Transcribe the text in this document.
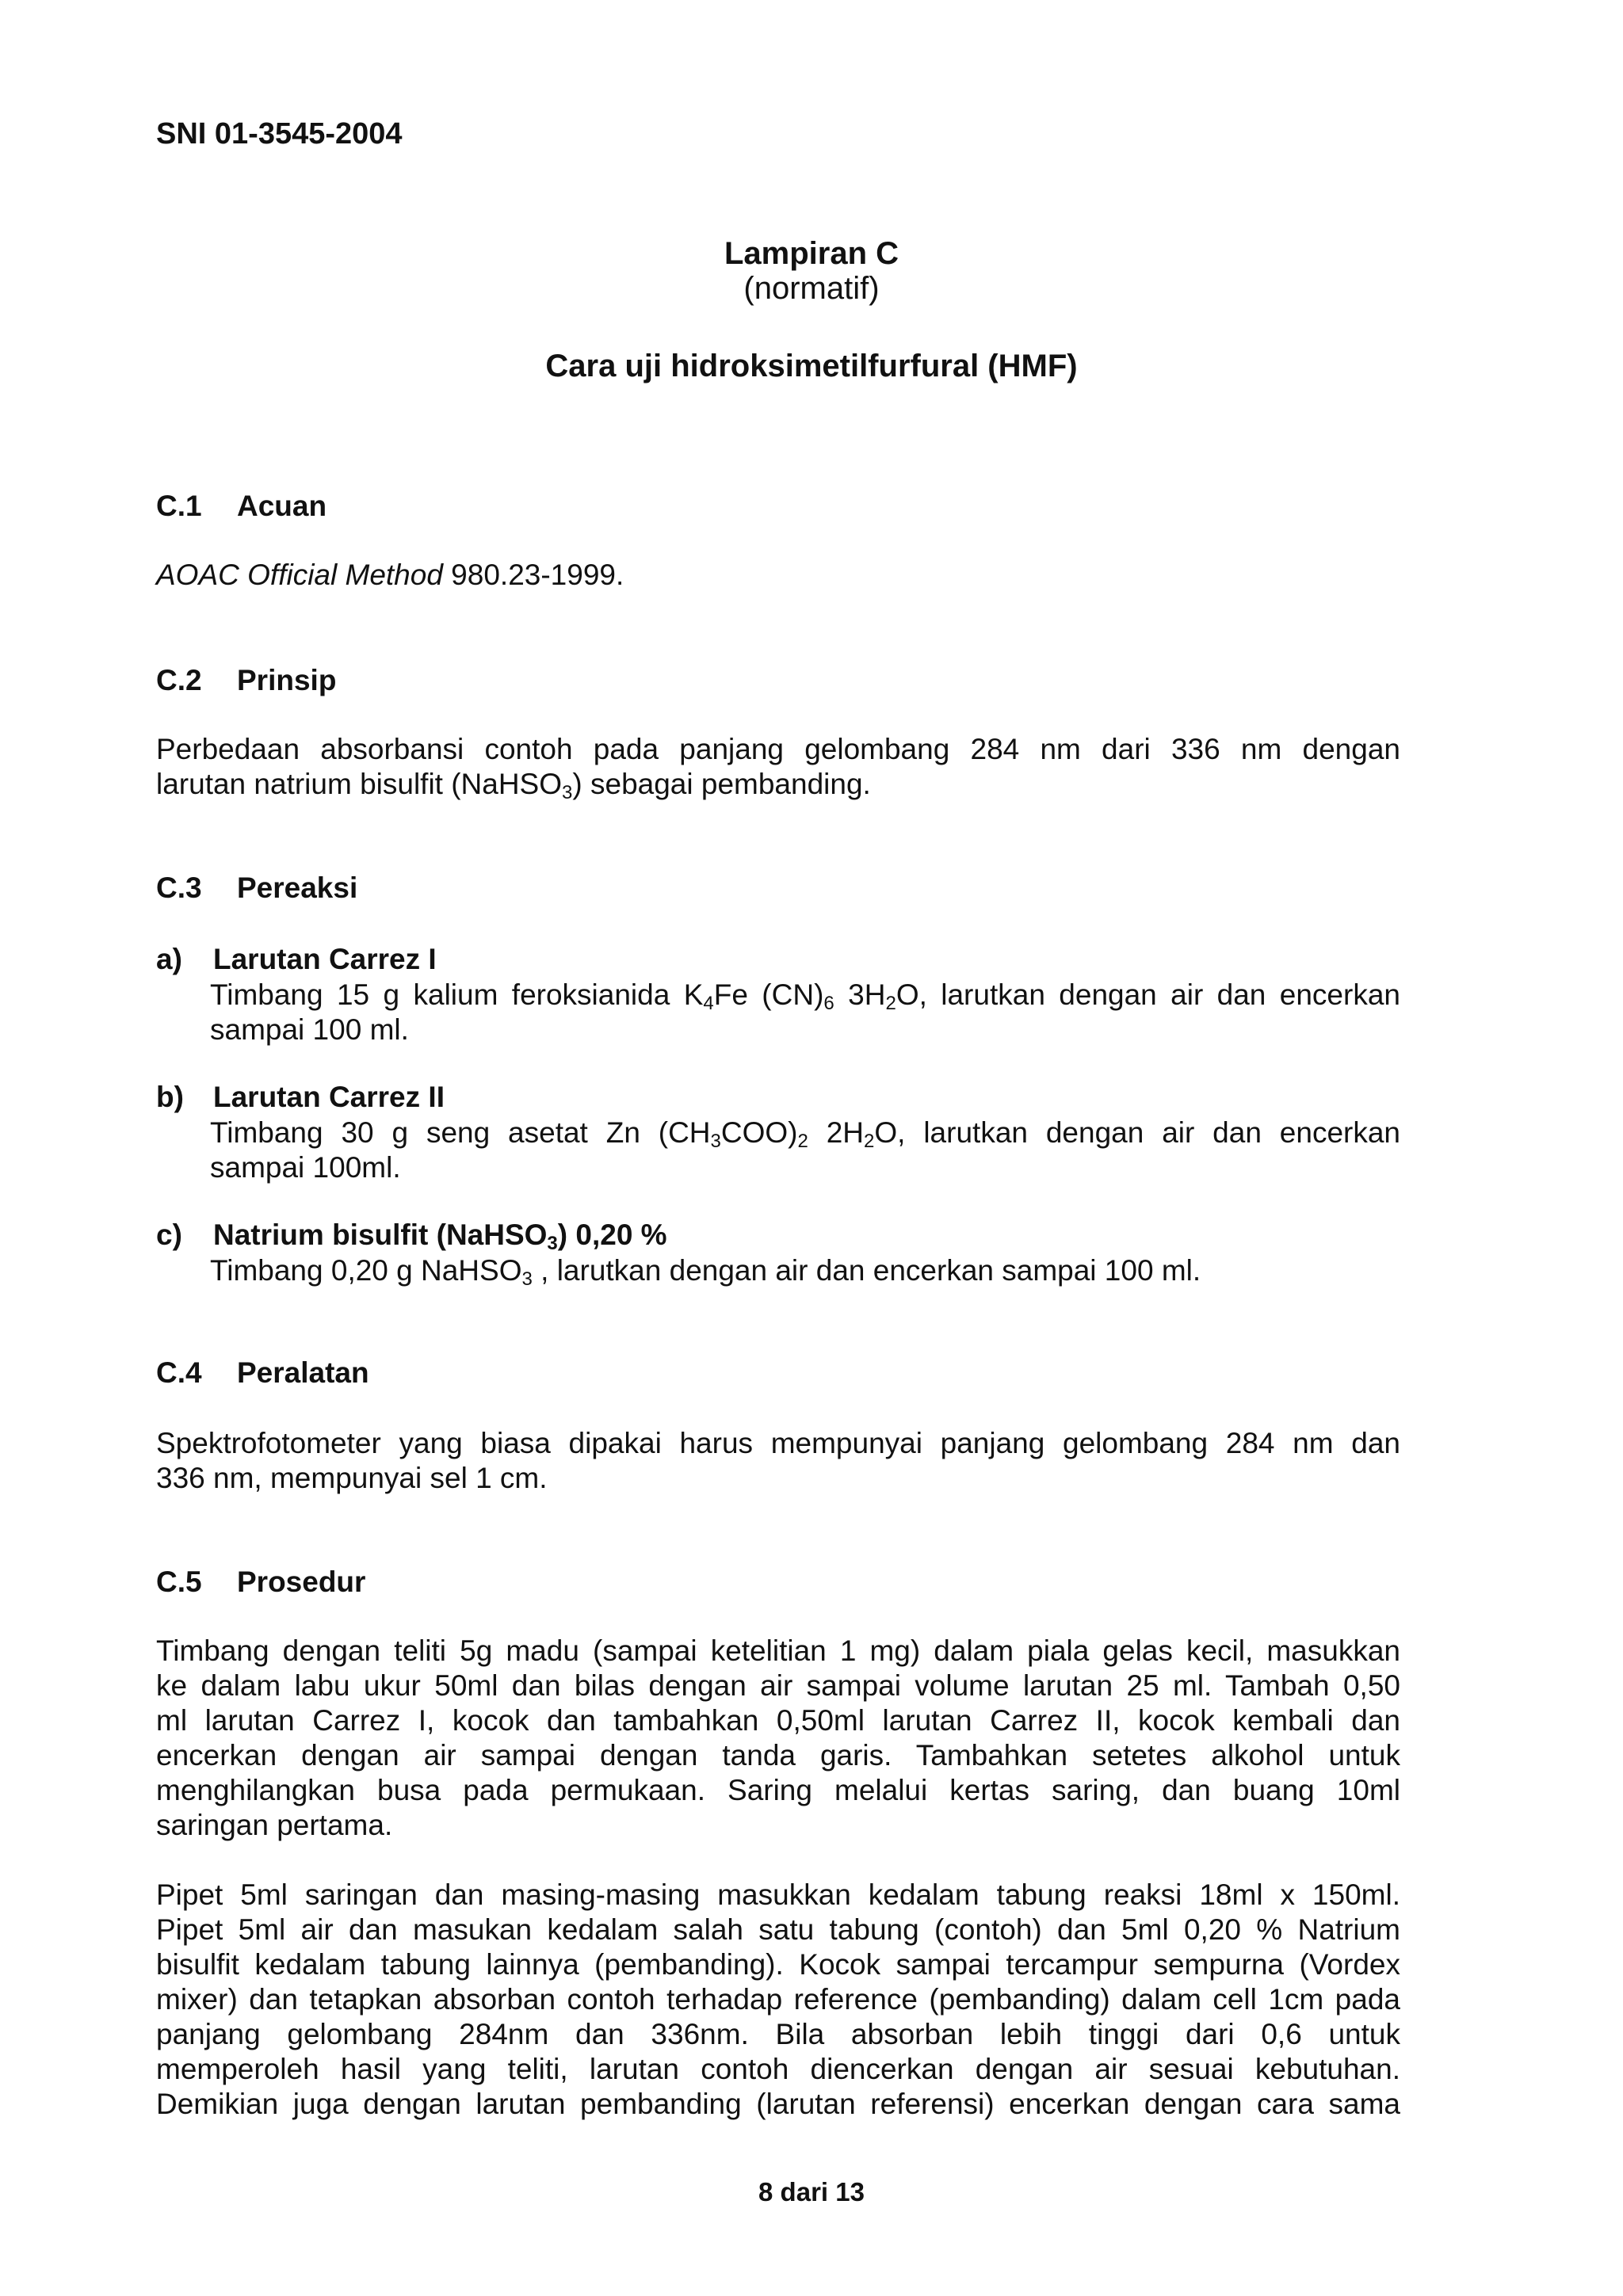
SNI 01-3545-2004
Lampiran C
(normatif)
Cara uji hidroksimetilfurfural (HMF)
C.1 Acuan
AOAC Official Method 980.23-1999.
C.2 Prinsip
Perbedaan absorbansi contoh pada panjang gelombang 284 nm dari 336 nm dengan
larutan natrium bisulfit (NaHSO$_3$) sebagai pembanding.
C.3 Pereaksi
a) Larutan Carrez I
Timbang 15 g kalium feroksianida $K_4Fe$ $(CN)_6$ $3H_2O$, larutkan dengan air dan encerkan
sampai 100 ml.
b) Larutan Carrez II
Timbang 30 g seng asetat Zn $(CH_3COO)_2$ $2H_2O$, larutkan dengan air dan encerkan
sampai 100ml.
c) Natrium bisulfit (NaHSO$_3$) 0,20 %
Timbang 0,20 g NaHSO$_3$ , larutkan dengan air dan encerkan sampai 100 ml.
C.4 Peralatan
Spektrofotometer yang biasa dipakai harus mempunyai panjang gelombang 284 nm dan
336 nm, mempunyai sel 1 cm.
C.5 Prosedur
Timbang dengan teliti 5g madu (sampai ketelitian 1 mg) dalam piala gelas kecil, masukkan
ke dalam labu ukur 50ml dan bilas dengan air sampai volume larutan 25 ml. Tambah 0,50
ml larutan Carrez I, kocok dan tambahkan 0,50ml larutan Carrez II, kocok kembali dan
encerkan dengan air sampai dengan tanda garis. Tambahkan setetes alkohol untuk
menghilangkan busa pada permukaan. Saring melalui kertas saring, dan buang 10ml
saringan pertama.
Pipet 5ml saringan dan masing-masing masukkan kedalam tabung reaksi 18ml x 150ml.
Pipet 5ml air dan masukan kedalam salah satu tabung (contoh) dan 5ml 0,20 % Natrium
bisulfit kedalam tabung lainnya (pembanding). Kocok sampai tercampur sempurna (Vordex
mixer) dan tetapkan absorban contoh terhadap reference (pembanding) dalam cell 1cm pada
panjang gelombang 284nm dan 336nm. Bila absorban lebih tinggi dari 0,6 untuk
memperoleh hasil yang teliti, larutan contoh diencerkan dengan air sesuai kebutuhan.
Demikian juga dengan larutan pembanding (larutan referensi) encerkan dengan cara sama
8 dari 13
